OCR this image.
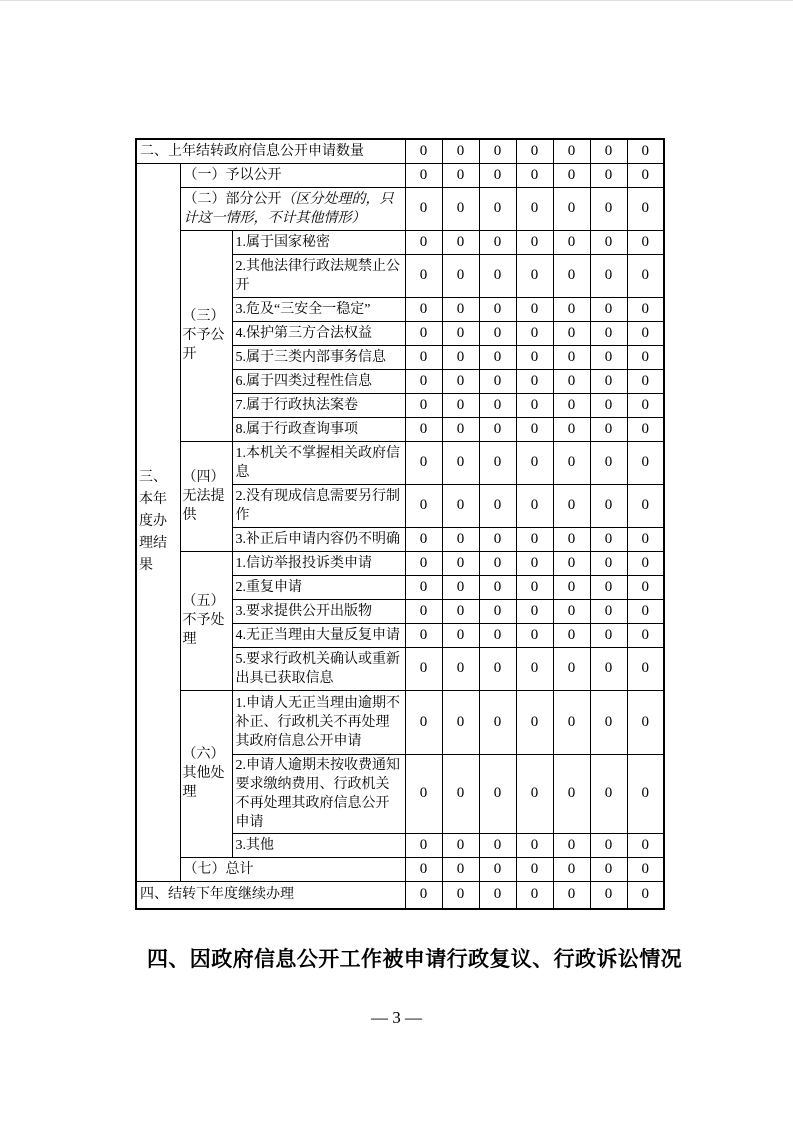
二、上年结转政府信息公开申请数量			0	0	0	0	0	0	0
三、本年度办理结果	（一）予以公开		0	0	0	0	0	0	0
	（二）部分公开（区分处理的，只计这一情形，不计其他情形）		0	0	0	0	0	0	0
	（三）不予公开	1.属于国家秘密	0	0	0	0	0	0	0
		2.其他法律行政法规禁止公开	0	0	0	0	0	0	0
		3.危及“三安全一稳定”	0	0	0	0	0	0	0
		4.保护第三方合法权益	0	0	0	0	0	0	0
		5.属于三类内部事务信息	0	0	0	0	0	0	0
		6.属于四类过程性信息	0	0	0	0	0	0	0
		7.属于行政执法案卷	0	0	0	0	0	0	0
		8.属于行政查询事项	0	0	0	0	0	0	0
	（四）无法提供	1.本机关不掌握相关政府信息	0	0	0	0	0	0	0
		2.没有现成信息需要另行制作	0	0	0	0	0	0	0
		3.补正后申请内容仍不明确	0	0	0	0	0	0	0
	（五）不予处理	1.信访举报投诉类申请	0	0	0	0	0	0	0
		2.重复申请	0	0	0	0	0	0	0
		3.要求提供公开出版物	0	0	0	0	0	0	0
		4.无正当理由大量反复申请	0	0	0	0	0	0	0
		5.要求行政机关确认或重新出具已获取信息	0	0	0	0	0	0	0
	（六）其他处理	1.申请人无正当理由逾期不补正、行政机关不再处理其政府信息公开申请	0	0	0	0	0	0	0
		2.申请人逾期未按收费通知要求缴纳费用、行政机关不再处理其政府信息公开申请	0	0	0	0	0	0	0
		3.其他	0	0	0	0	0	0	0
	（七）总计		0	0	0	0	0	0	0
四、结转下年度继续办理			0	0	0	0	0	0	0
四、因政府信息公开工作被申请行政复议、行政诉讼情况
— 3 —
